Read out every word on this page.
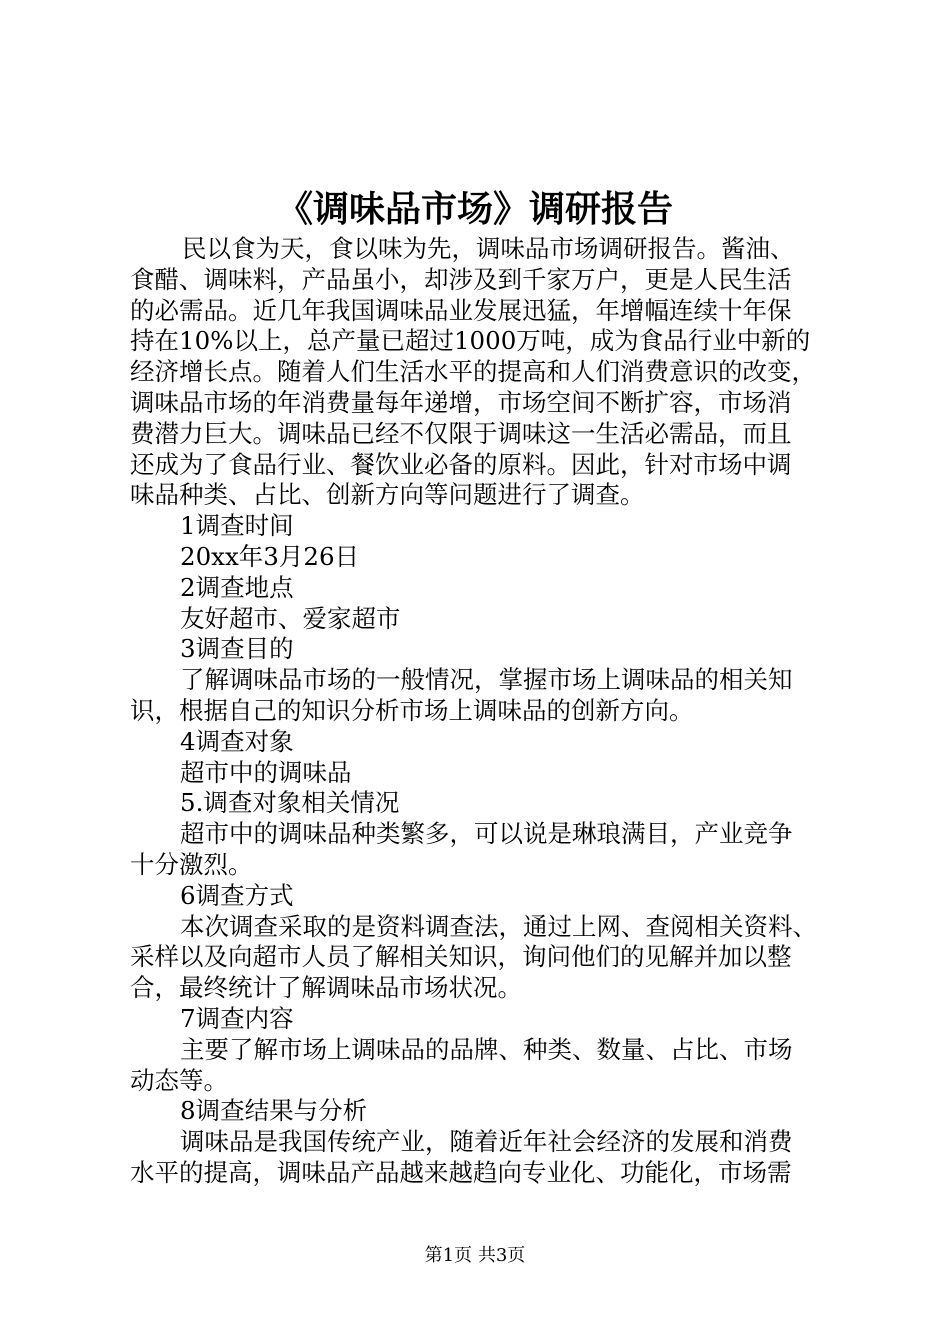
《调味品市场》调研报告

民以食为天，食以味为先，调味品市场调研报告。酱油、

食醋、调味料，产品虽小，却涉及到千家万户，更是人民生活

的必需品。近几年我国调味品业发展迅猛，年增幅连续十年保

持在10%以上，总产量已超过1000万吨，成为食品行业中新的

经济增长点。随着人们生活水平的提高和人们消费意识的改变，

调味品市场的年消费量每年递增，市场空间不断扩容，市场消

费潜力巨大。调味品已经不仅限于调味这一生活必需品，而且

还成为了食品行业、餐饮业必备的原料。因此，针对市场中调

味品种类、占比、创新方向等问题进行了调查。

1调查时间

20xx年3月26日

2调查地点

友好超市、爱家超市

3调查目的

了解调味品市场的一般情况，掌握市场上调味品的相关知

识，根据自己的知识分析市场上调味品的创新方向。

4调查对象

超市中的调味品

5.调查对象相关情况

超市中的调味品种类繁多，可以说是琳琅满目，产业竞争

十分激烈。

6调查方式

本次调查采取的是资料调查法，通过上网、查阅相关资料、

采样以及向超市人员了解相关知识，询问他们的见解并加以整

合，最终统计了解调味品市场状况。

7调查内容

主要了解市场上调味品的品牌、种类、数量、占比、市场

动态等。

8调查结果与分析

调味品是我国传统产业，随着近年社会经济的发展和消费

水平的提高，调味品产品越来越趋向专业化、功能化，市场需

第1页 共3页
